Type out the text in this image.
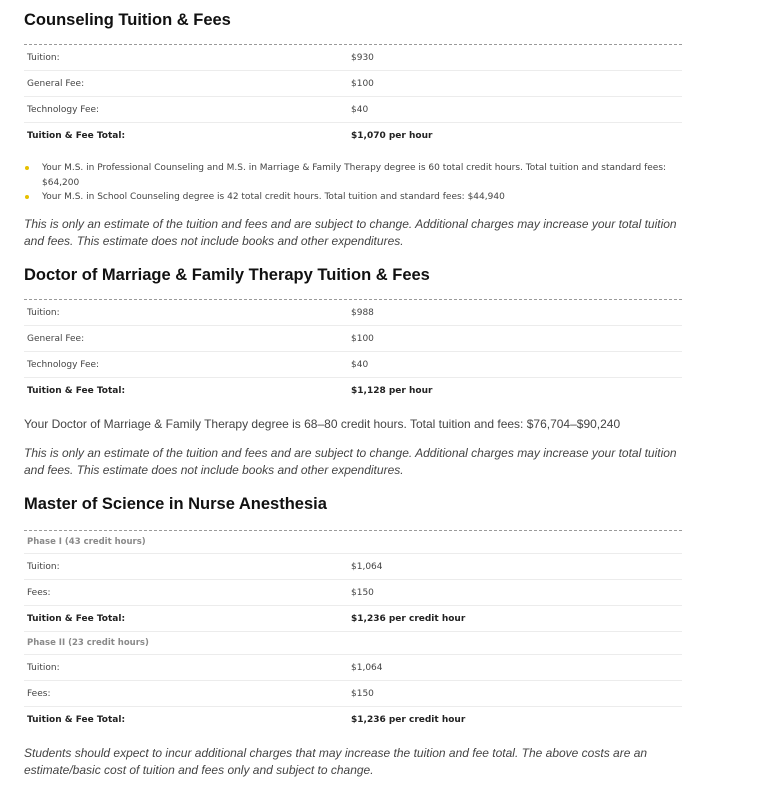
Counseling Tuition & Fees
Tuition:	$930
General Fee:	$100
Technology Fee:	$40
Tuition & Fee Total:	$1,070 per hour
Your M.S. in Professional Counseling and M.S. in Marriage & Family Therapy degree is 60 total credit hours. Total tuition and standard fees: $64,200
Your M.S. in School Counseling degree is 42 total credit hours. Total tuition and standard fees: $44,940

This is only an estimate of the tuition and fees and are subject to change. Additional charges may increase your total tuition and fees. This estimate does not include books and other expenditures.

Doctor of Marriage & Family Therapy Tuition & Fees
Tuition:	$988
General Fee:	$100
Technology Fee:	$40
Tuition & Fee Total:	$1,128 per hour

Your Doctor of Marriage & Family Therapy degree is 68–80 credit hours. Total tuition and fees: $76,704–$90,240

This is only an estimate of the tuition and fees and are subject to change. Additional charges may increase your total tuition and fees. This estimate does not include books and other expenditures.

Master of Science in Nurse Anesthesia
Phase I (43 credit hours)
Tuition:	$1,064
Fees:	$150
Tuition & Fee Total:	$1,236 per credit hour
Phase II (23 credit hours)
Tuition:	$1,064
Fees:	$150
Tuition & Fee Total:	$1,236 per credit hour

Students should expect to incur additional charges that may increase the tuition and fee total. The above costs are an estimate/basic cost of tuition and fees only and subject to change.
